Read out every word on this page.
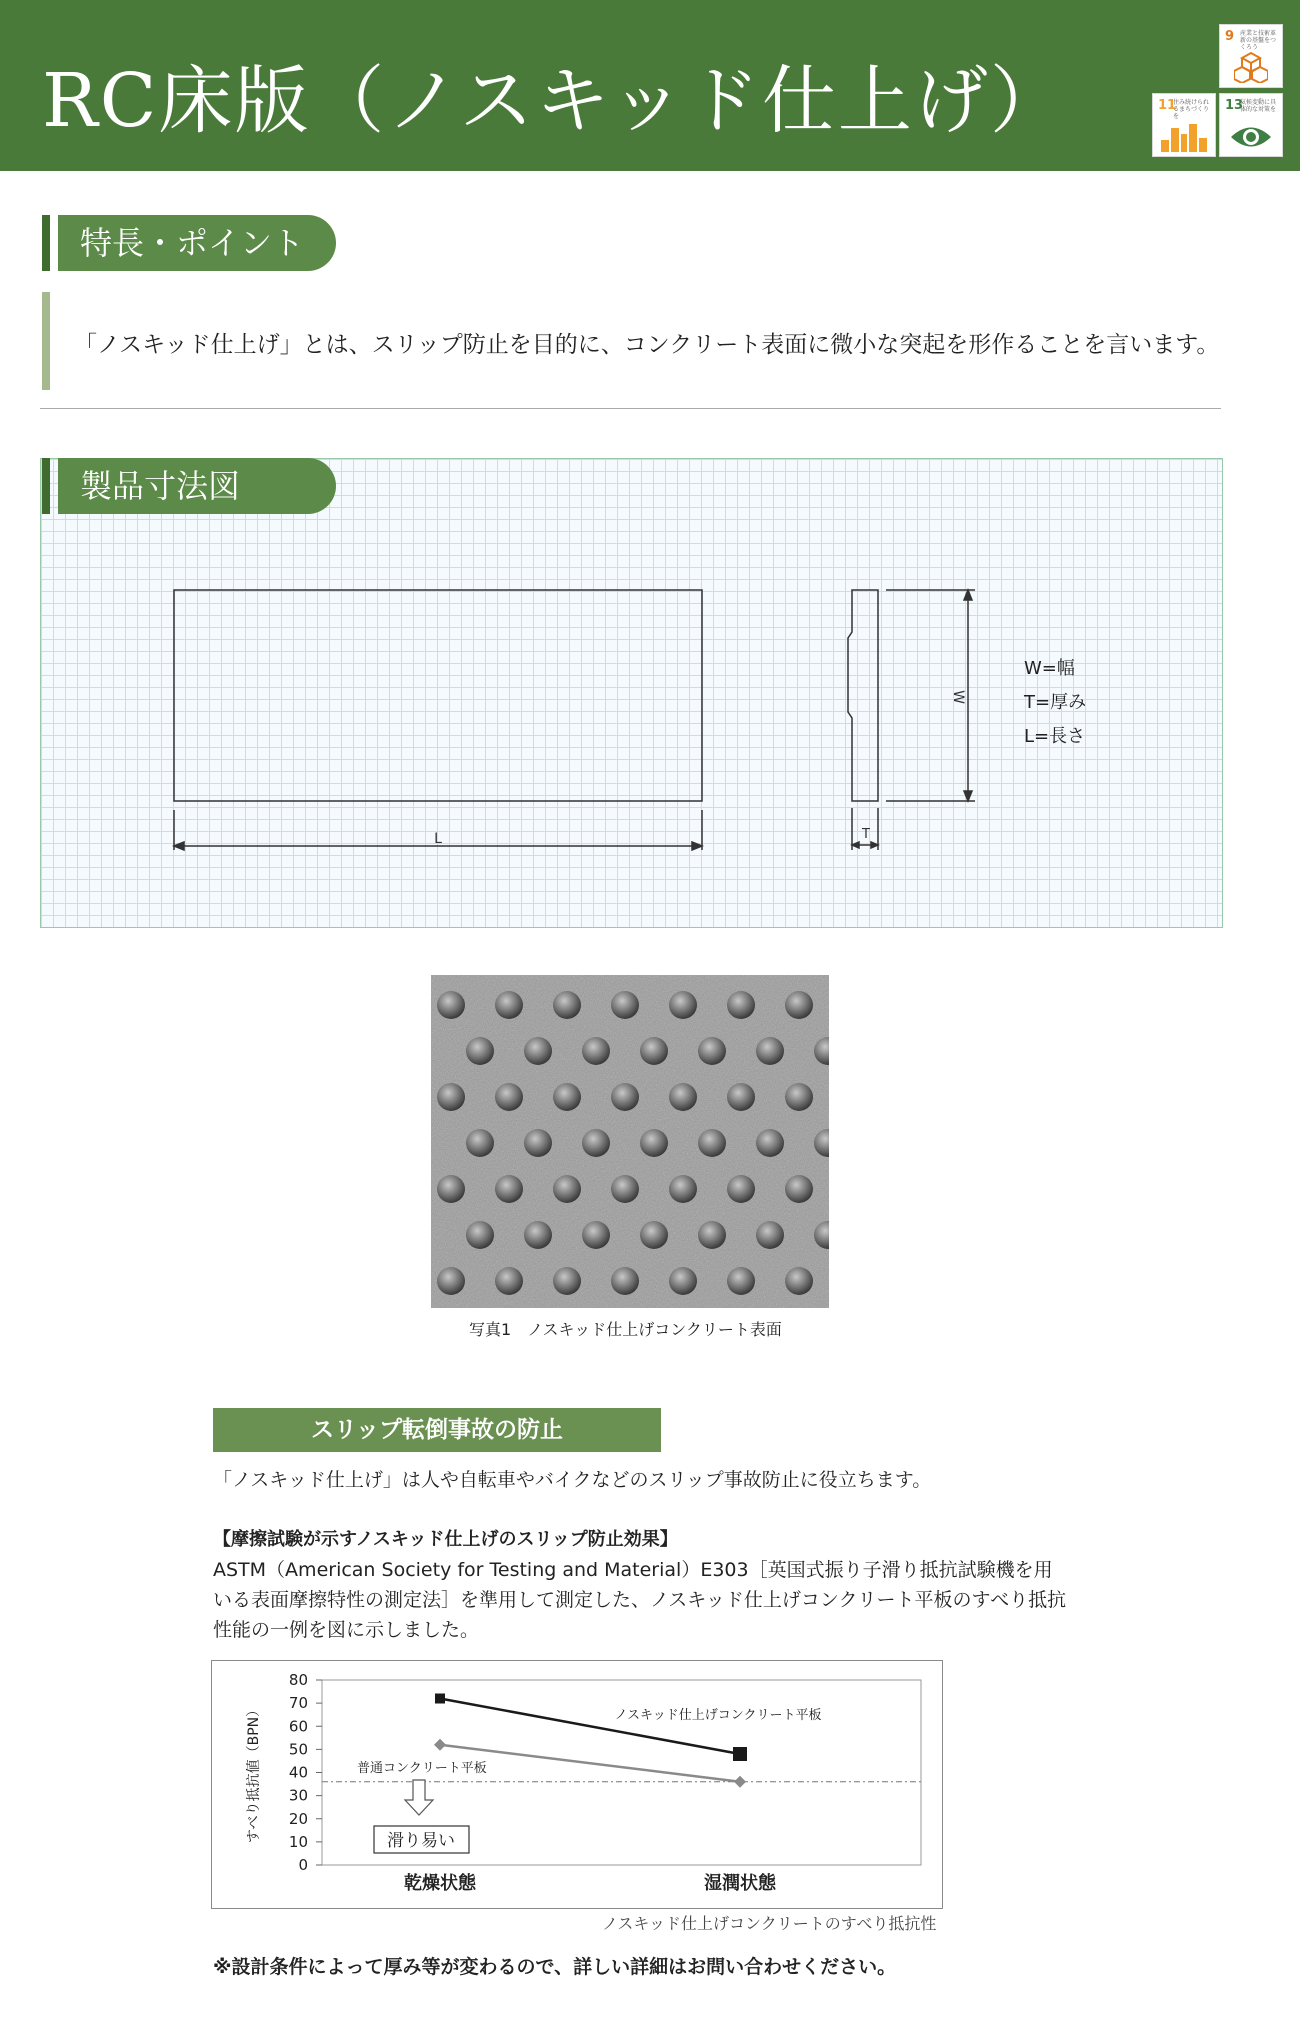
RC床版（ノスキッド仕上げ）
9 産業と技術革新の基盤をつくろう
11
住み続けられるまちづくりを
13
気候変動に具体的な対策を
特長・ポイント
「ノスキッド仕上げ」とは、スリップ防止を目的に、コンクリート表面に微小な突起を形作ることを言います。
製品寸法図
L	T
W
W=幅
T=厚み
L=長さ
写真1　ノスキッド仕上げコンクリート表面
スリップ転倒事故の防止
「ノスキッド仕上げ」は人や自転車やバイクなどのスリップ事故防止に役立ちます。
【摩擦試験が示すノスキッド仕上げのスリップ防止効果】
ASTM（American Society for Testing and Material）E303［英国式振り子滑り抵抗試験機を用
いる表面摩擦特性の測定法］を準用して測定した、ノスキッド仕上げコンクリート平板のすべり抵抗
性能の一例を図に示しました。
0
10
20
30
40
50
60
70
80
すべり抵抗値（BPN）
乾燥状態	湿潤状態
ノスキッド仕上げコンクリート平板
普通コンクリート平板
滑り易い
ノスキッド仕上げコンクリートのすべり抵抗性
※設計条件によって厚み等が変わるので、詳しい詳細はお問い合わせください。
